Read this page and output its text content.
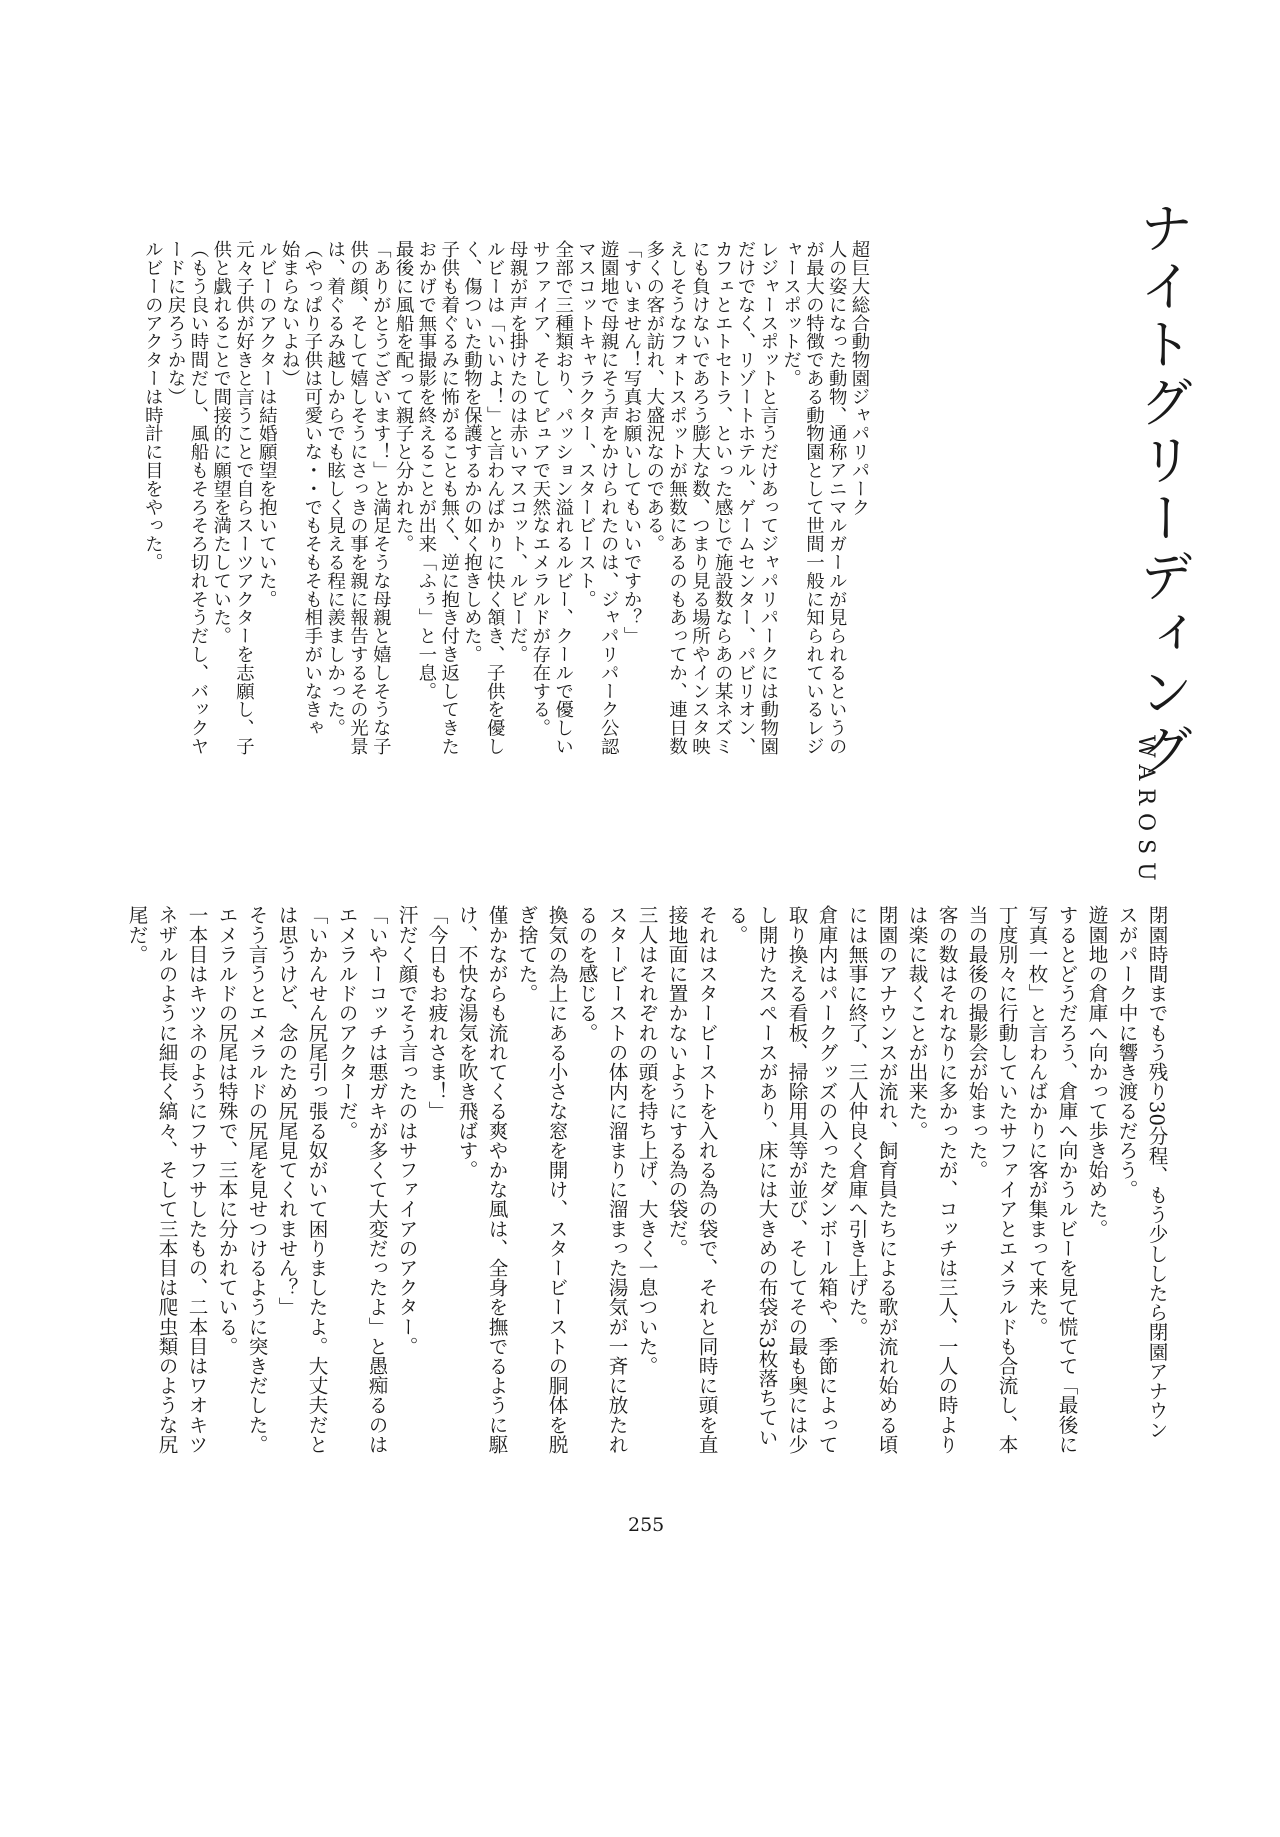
ナイトグリーディング
WAROSU
超巨大総合動物園ジャパリパーク
人の姿になった動物、通称アニマルガールが見られるというの
が最大の特徴である動物園として世間一般に知られているレジ
ャースポットだ。
レジャースポットと言うだけあってジャパリパークには動物園
だけでなく、リゾートホテル、ゲームセンター、パビリオン、
カフェとエトセトラ、といった感じで施設数ならあの某ネズミ
にも負けないであろう膨大な数、つまり見る場所やインスタ映
えしそうなフォトスポットが無数にあるのもあってか、連日数
多くの客が訪れ、大盛況なのである。
「すいません！写真お願いしてもいいですか？」
遊園地で母親にそう声をかけられたのは、ジャパリパーク公認
マスコットキャラクター、スタービースト。
全部で三種類おり、パッション溢れるルビー、クールで優しい
サファイア、そしてピュアで天然なエメラルドが存在する。
母親が声を掛けたのは赤いマスコット、ルビーだ。
ルビーは「いいよ！」と言わんばかりに快く頷き、子供を優し
く、傷ついた動物を保護するかの如く抱きしめた。
子供も着ぐるみに怖がることも無く、逆に抱き付き返してきた
おかげで無事撮影を終えることが出来「ふぅ」と一息。
最後に風船を配って親子と分かれた。
「ありがとうございます！」と満足そうな母親と嬉しそうな子
供の顔、そして嬉しそうにさっきの事を親に報告するその光景
は、着ぐるみ越しからでも眩しく見える程に羨ましかった。
（やっぱり子供は可愛いな・・でもそもそも相手がいなきゃ
始まらないよね）
ルビーのアクターは結婚願望を抱いていた。
元々子供が好きと言うことで自らスーツアクターを志願し、子
供と戯れることで間接的に願望を満たしていた。
（もう良い時間だし、風船もそろそろ切れそうだし、バックヤ
ードに戻ろうかな）
ルビーのアクターは時計に目をやった。
閉園時間までもう残り30分程、もう少ししたら閉園アナウン
スがパーク中に響き渡るだろう。
遊園地の倉庫へ向かって歩き始めた。
するとどうだろう、倉庫へ向かうルビーを見て慌てて「最後に
写真一枚」と言わんばかりに客が集まって来た。
丁度別々に行動していたサファイアとエメラルドも合流し、本
当の最後の撮影会が始まった。
客の数はそれなりに多かったが、コッチは三人、一人の時より
は楽に裁くことが出来た。
閉園のアナウンスが流れ、飼育員たちによる歌が流れ始める頃
には無事に終了、三人仲良く倉庫へ引き上げた。
倉庫内はパークグッズの入ったダンボール箱や、季節によって
取り換える看板、掃除用具等が並び、そしてその最も奥には少
し開けたスペースがあり、床には大きめの布袋が3枚落ちてい
る。
それはスタービーストを入れる為の袋で、それと同時に頭を直
接地面に置かないようにする為の袋だ。
三人はそれぞれの頭を持ち上げ、大きく一息ついた。
スタービーストの体内に溜まりに溜まった湯気が一斉に放たれ
るのを感じる。
換気の為上にある小さな窓を開け、スタービーストの胴体を脱
ぎ捨てた。
僅かながらも流れてくる爽やかな風は、全身を撫でるように駆
け、不快な湯気を吹き飛ばす。
「今日もお疲れさま！」
汗だく顔でそう言ったのはサファイアのアクター。
「いやーコッチは悪ガキが多くて大変だったよ」と愚痴るのは
エメラルドのアクターだ。
「いかんせん尻尾引っ張る奴がいて困りましたよ。大丈夫だと
は思うけど、念のため尻尾見てくれません？」
そう言うとエメラルドの尻尾を見せつけるように突きだした。
エメラルドの尻尾は特殊で、三本に分かれている。
一本目はキツネのようにフサフサしたもの、二本目はワオキツ
ネザルのように細長く縞々、そして三本目は爬虫類のような尻
尾だ。
255
